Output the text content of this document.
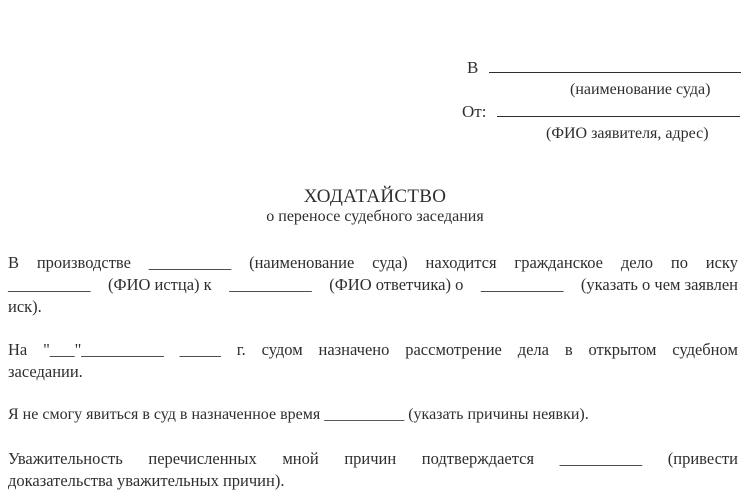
В
(наименование суда)
От:
(ФИО заявителя, адрес)
ХОДАТАЙСТВО
о переносе судебного заседания
В производстве __________ (наименование суда) находится гражданское дело по иску
__________ (ФИО истца) к __________ (ФИО ответчика) о __________ (указать о чем заявлен
иск).
На "___"__________ _____ г. судом назначено рассмотрение дела в открытом судебном
заседании.
Я не смогу явиться в суд в назначенное время __________ (указать причины неявки).
Уважительность перечисленных мной причин подтверждается __________ (привести
доказательства уважительных причин).
